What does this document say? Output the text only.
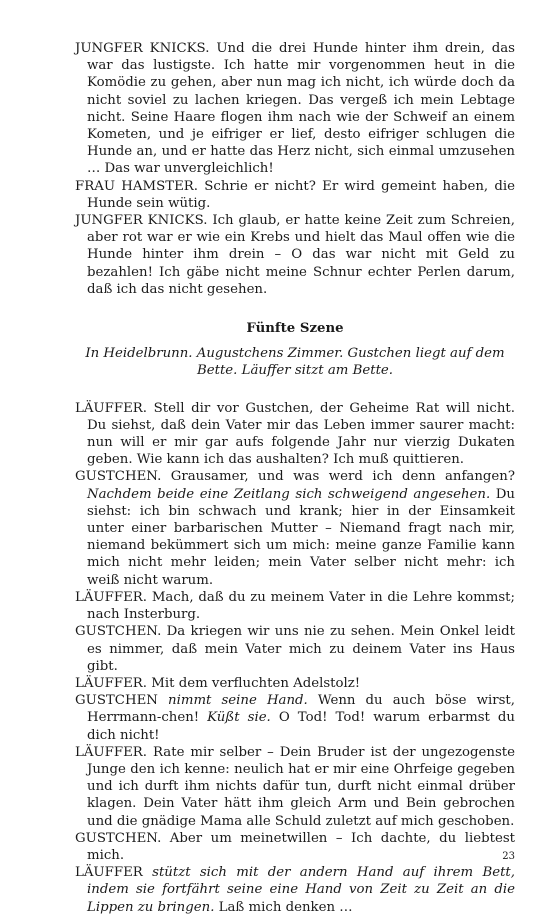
JUNGFER KNICKS. Und die drei Hunde hinter ihm drein, das war das lustigste. Ich hatte mir vorgenommen heut in die Komödie zu gehen, aber nun mag ich nicht, ich würde doch da nicht soviel zu lachen kriegen. Das vergeß ich mein Lebtage nicht. Seine Haare flogen ihm nach wie der Schweif an einem Kometen, und je eifriger er lief, desto eifriger schlugen die Hunde an, und er hatte das Herz nicht, sich einmal umzusehen … Das war unvergleichlich!

FRAU HAMSTER. Schrie er nicht? Er wird gemeint haben, die Hunde sein wütig.

JUNGFER KNICKS. Ich glaub, er hatte keine Zeit zum Schreien, aber rot war er wie ein Krebs und hielt das Maul offen wie die Hunde hinter ihm drein – O das war nicht mit Geld zu bezahlen! Ich gäbe nicht meine Schnur echter Perlen darum, daß ich das nicht gesehen.

Fünfte Szene
In Heidelbrunn. Augustchens Zimmer. Gustchen liegt auf dem Bette. Läuffer sitzt am Bette.

LÄUFFER. Stell dir vor Gustchen, der Geheime Rat will nicht. Du siehst, daß dein Vater mir das Leben immer saurer macht: nun will er mir gar aufs folgende Jahr nur vierzig Dukaten geben. Wie kann ich das aushalten? Ich muß quittieren.

GUSTCHEN. Grausamer, und was werd ich denn anfangen? Nachdem beide eine Zeitlang sich schweigend angesehen. Du siehst: ich bin schwach und krank; hier in der Einsamkeit unter einer barbarischen Mutter – Niemand fragt nach mir, niemand bekümmert sich um mich: meine ganze Familie kann mich nicht mehr leiden; mein Vater selber nicht mehr: ich weiß nicht warum.

LÄUFFER. Mach, daß du zu meinem Vater in die Lehre kommst; nach Insterburg.

GUSTCHEN. Da kriegen wir uns nie zu sehen. Mein Onkel leidt es nimmer, daß mein Vater mich zu deinem Vater ins Haus gibt.

LÄUFFER. Mit dem verfluchten Adelstolz!

GUSTCHEN nimmt seine Hand. Wenn du auch böse wirst, Herrmann-chen! Küßt sie. O Tod! Tod! warum erbarmst du dich nicht!

LÄUFFER. Rate mir selber – Dein Bruder ist der ungezogenste Junge den ich kenne: neulich hat er mir eine Ohrfeige gegeben und ich durft ihm nichts dafür tun, durft nicht einmal drüber klagen. Dein Vater hätt ihm gleich Arm und Bein gebrochen und die gnädige Mama alle Schuld zuletzt auf mich geschoben.

GUSTCHEN. Aber um meinetwillen – Ich dachte, du liebtest mich.

LÄUFFER stützt sich mit der andern Hand auf ihrem Bett, indem sie fortfährt seine eine Hand von Zeit zu Zeit an die Lippen zu bringen. Laß mich denken …

23
